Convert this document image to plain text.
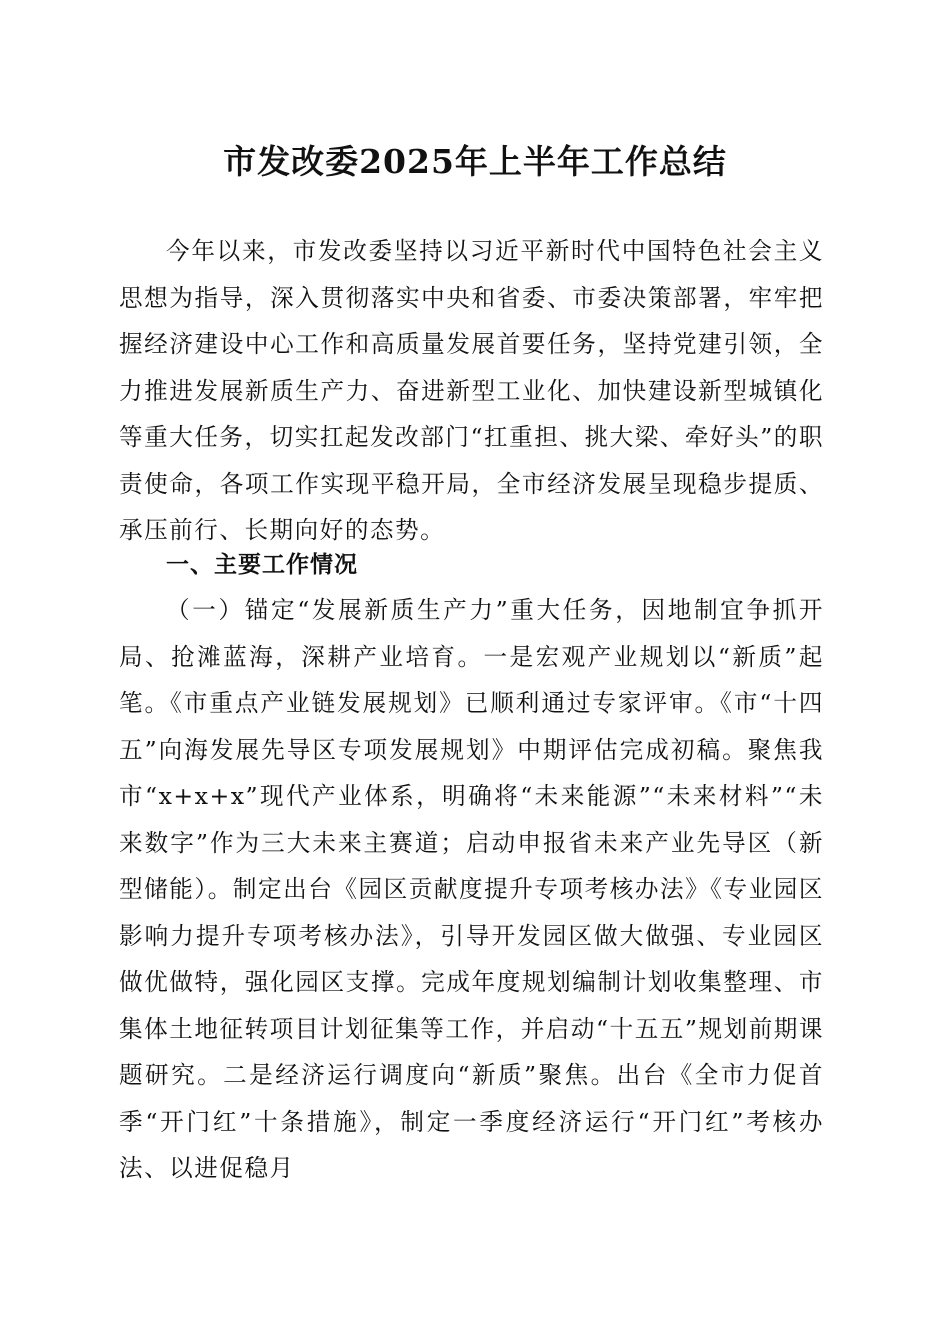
市发改委2025年上半年工作总结

今年以来，市发改委坚持以习近平新时代中国特色社会主义思想为指导，深入贯彻落实中央和省委、市委决策部署，牢牢把握经济建设中心工作和高质量发展首要任务，坚持党建引领，全力推进发展新质生产力、奋进新型工业化、加快建设新型城镇化等重大任务，切实扛起发改部门“扛重担、挑大梁、牵好头”的职责使命，各项工作实现平稳开局，全市经济发展呈现稳步提质、承压前行、长期向好的态势。

一、主要工作情况

（一）锚定“发展新质生产力”重大任务，因地制宜争抓开局、抢滩蓝海，深耕产业培育。一是宏观产业规划以“新质”起笔。《市重点产业链发展规划》已顺利通过专家评审。《市“十四五”向海发展先导区专项发展规划》中期评估完成初稿。聚焦我市“x+x+x”现代产业体系，明确将“未来能源”“未来材料”“未来数字”作为三大未来主赛道；启动申报省未来产业先导区（新型储能）。制定出台《园区贡献度提升专项考核办法》《专业园区影响力提升专项考核办法》，引导开发园区做大做强、专业园区做优做特，强化园区支撑。完成年度规划编制计划收集整理、市集体土地征转项目计划征集等工作，并启动“十五五”规划前期课题研究。二是经济运行调度向“新质”聚焦。出台《全市力促首季“开门红”十条措施》，制定一季度经济运行“开门红”考核办法、以进促稳月
